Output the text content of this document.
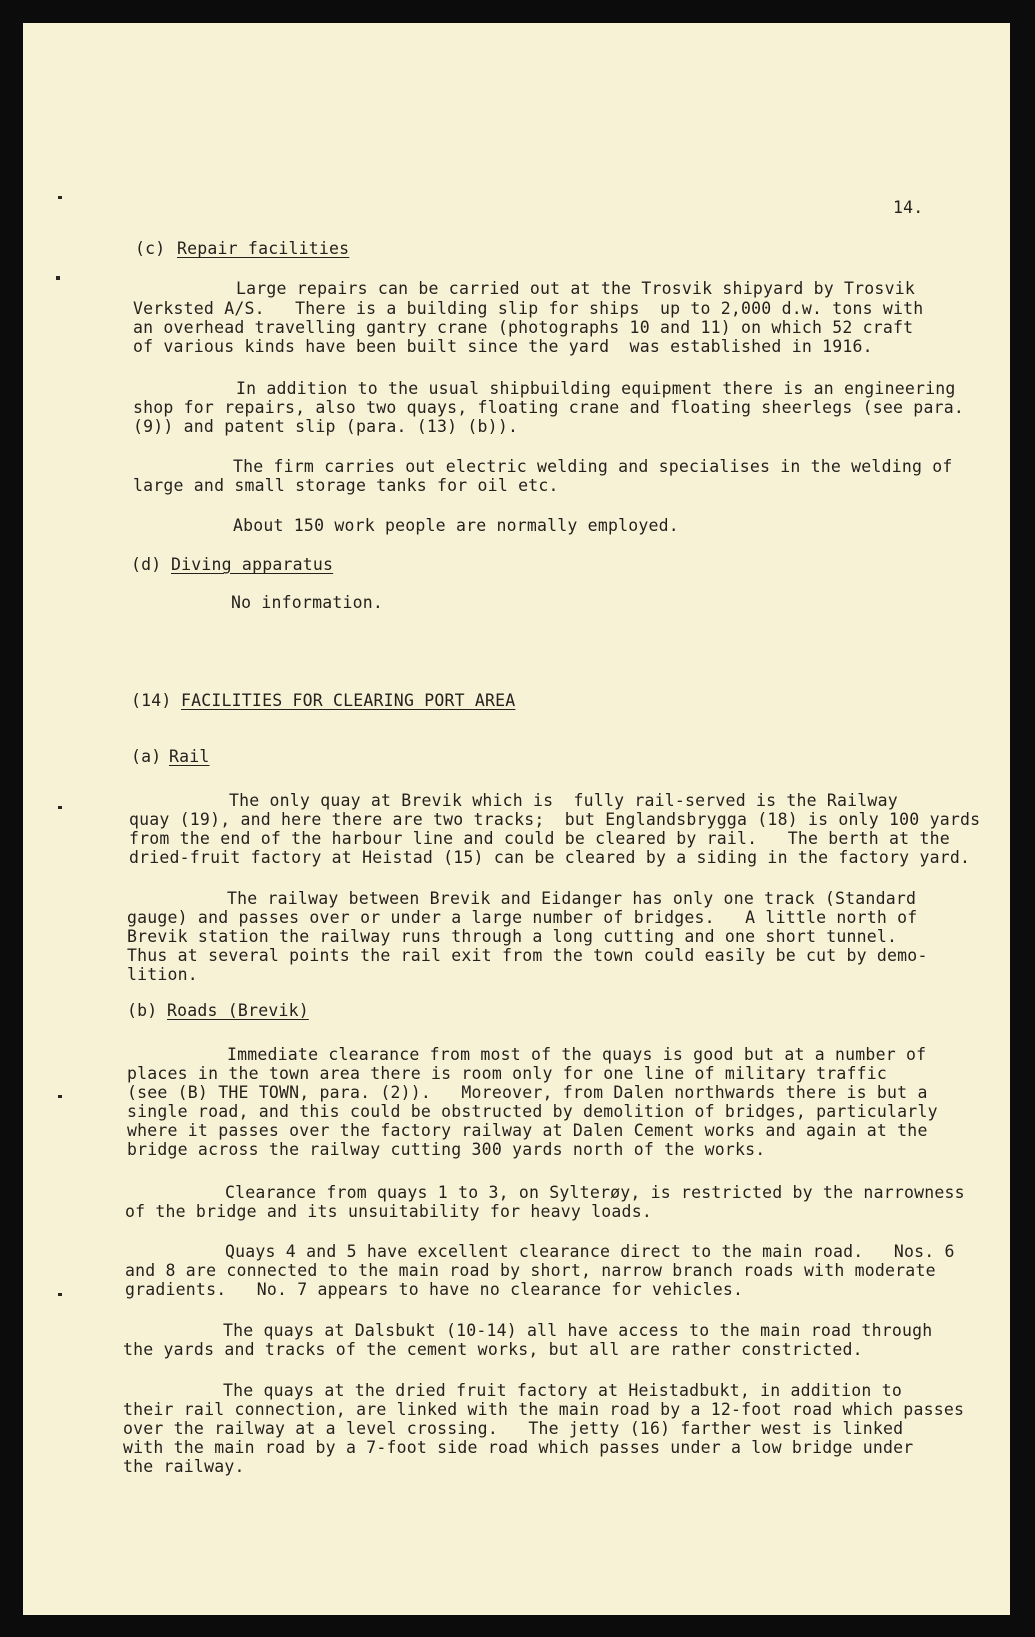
14.
(c) Repair facilities
Large repairs can be carried out at the Trosvik shipyard by Trosvik
Verksted A/S.   There is a building slip for ships  up to 2,000 d.w. tons with
an overhead travelling gantry crane (photographs 10 and 11) on which 52 craft
of various kinds have been built since the yard  was established in 1916.
In addition to the usual shipbuilding equipment there is an engineering
shop for repairs, also two quays, floating crane and floating sheerlegs (see para.
(9)) and patent slip (para. (13) (b)).
The firm carries out electric welding and specialises in the welding of
large and small storage tanks for oil etc.
About 150 work people are normally employed.
(d) Diving apparatus
No information.
(14) FACILITIES FOR CLEARING PORT AREA
(a) Rail
The only quay at Brevik which is  fully rail-served is the Railway
quay (19), and here there are two tracks;  but Englandsbrygga (18) is only 100 yards
from the end of the harbour line and could be cleared by rail.   The berth at the
dried-fruit factory at Heistad (15) can be cleared by a siding in the factory yard.
The railway between Brevik and Eidanger has only one track (Standard
gauge) and passes over or under a large number of bridges.   A little north of
Brevik station the railway runs through a long cutting and one short tunnel.
Thus at several points the rail exit from the town could easily be cut by demo-
lition.
(b) Roads (Brevik)
Immediate clearance from most of the quays is good but at a number of
places in the town area there is room only for one line of military traffic
(see (B) THE TOWN, para. (2)).   Moreover, from Dalen northwards there is but a
single road, and this could be obstructed by demolition of bridges, particularly
where it passes over the factory railway at Dalen Cement works and again at the
bridge across the railway cutting 300 yards north of the works.
Clearance from quays 1 to 3, on Sylterøy, is restricted by the narrowness
of the bridge and its unsuitability for heavy loads.
Quays 4 and 5 have excellent clearance direct to the main road.   Nos. 6
and 8 are connected to the main road by short, narrow branch roads with moderate
gradients.   No. 7 appears to have no clearance for vehicles.
The quays at Dalsbukt (10-14) all have access to the main road through
the yards and tracks of the cement works, but all are rather constricted.
The quays at the dried fruit factory at Heistadbukt, in addition to
their rail connection, are linked with the main road by a 12-foot road which passes
over the railway at a level crossing.   The jetty (16) farther west is linked
with the main road by a 7-foot side road which passes under a low bridge under
the railway.
